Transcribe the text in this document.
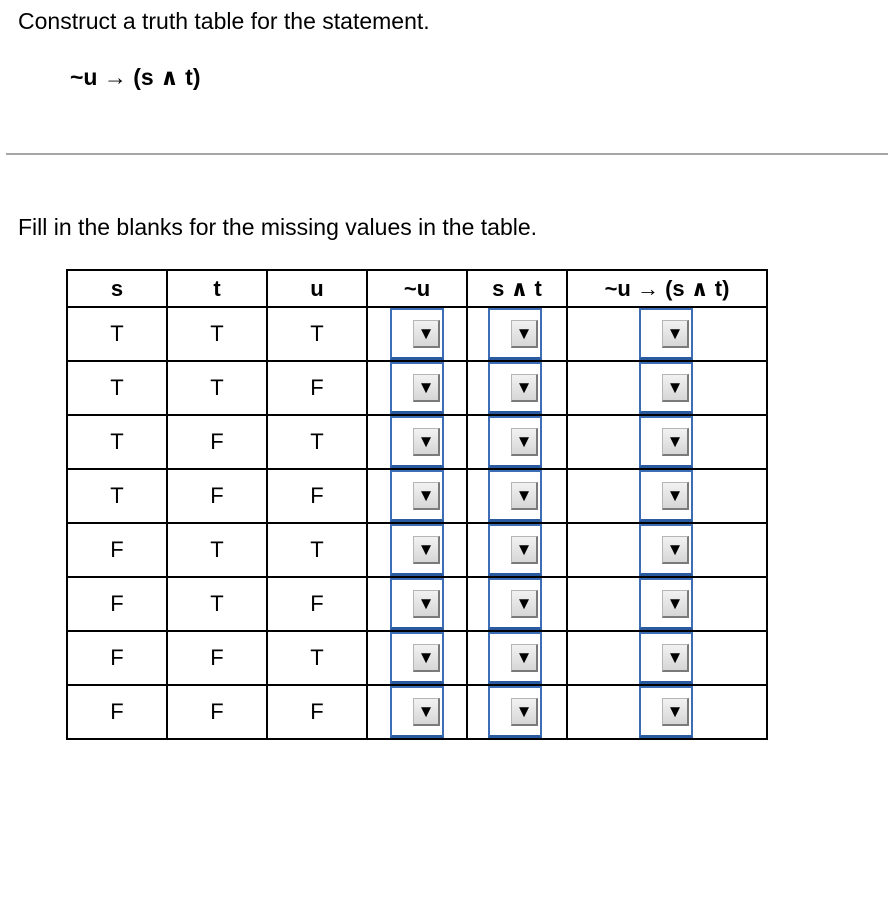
Construct a truth table for the statement.
~u → (s ∧ t)
Fill in the blanks for the missing values in the table.
s	t	u	~u	s ∧ t	~u → (s ∧ t)
T	T	T	▼	▼	▼

T	T	F	▼	▼	▼

T	F	T	▼	▼	▼

T	F	F	▼	▼	▼

F	T	T	▼	▼	▼

F	T	F	▼	▼	▼

F	F	T	▼	▼	▼

F	F	F	▼	▼	▼
